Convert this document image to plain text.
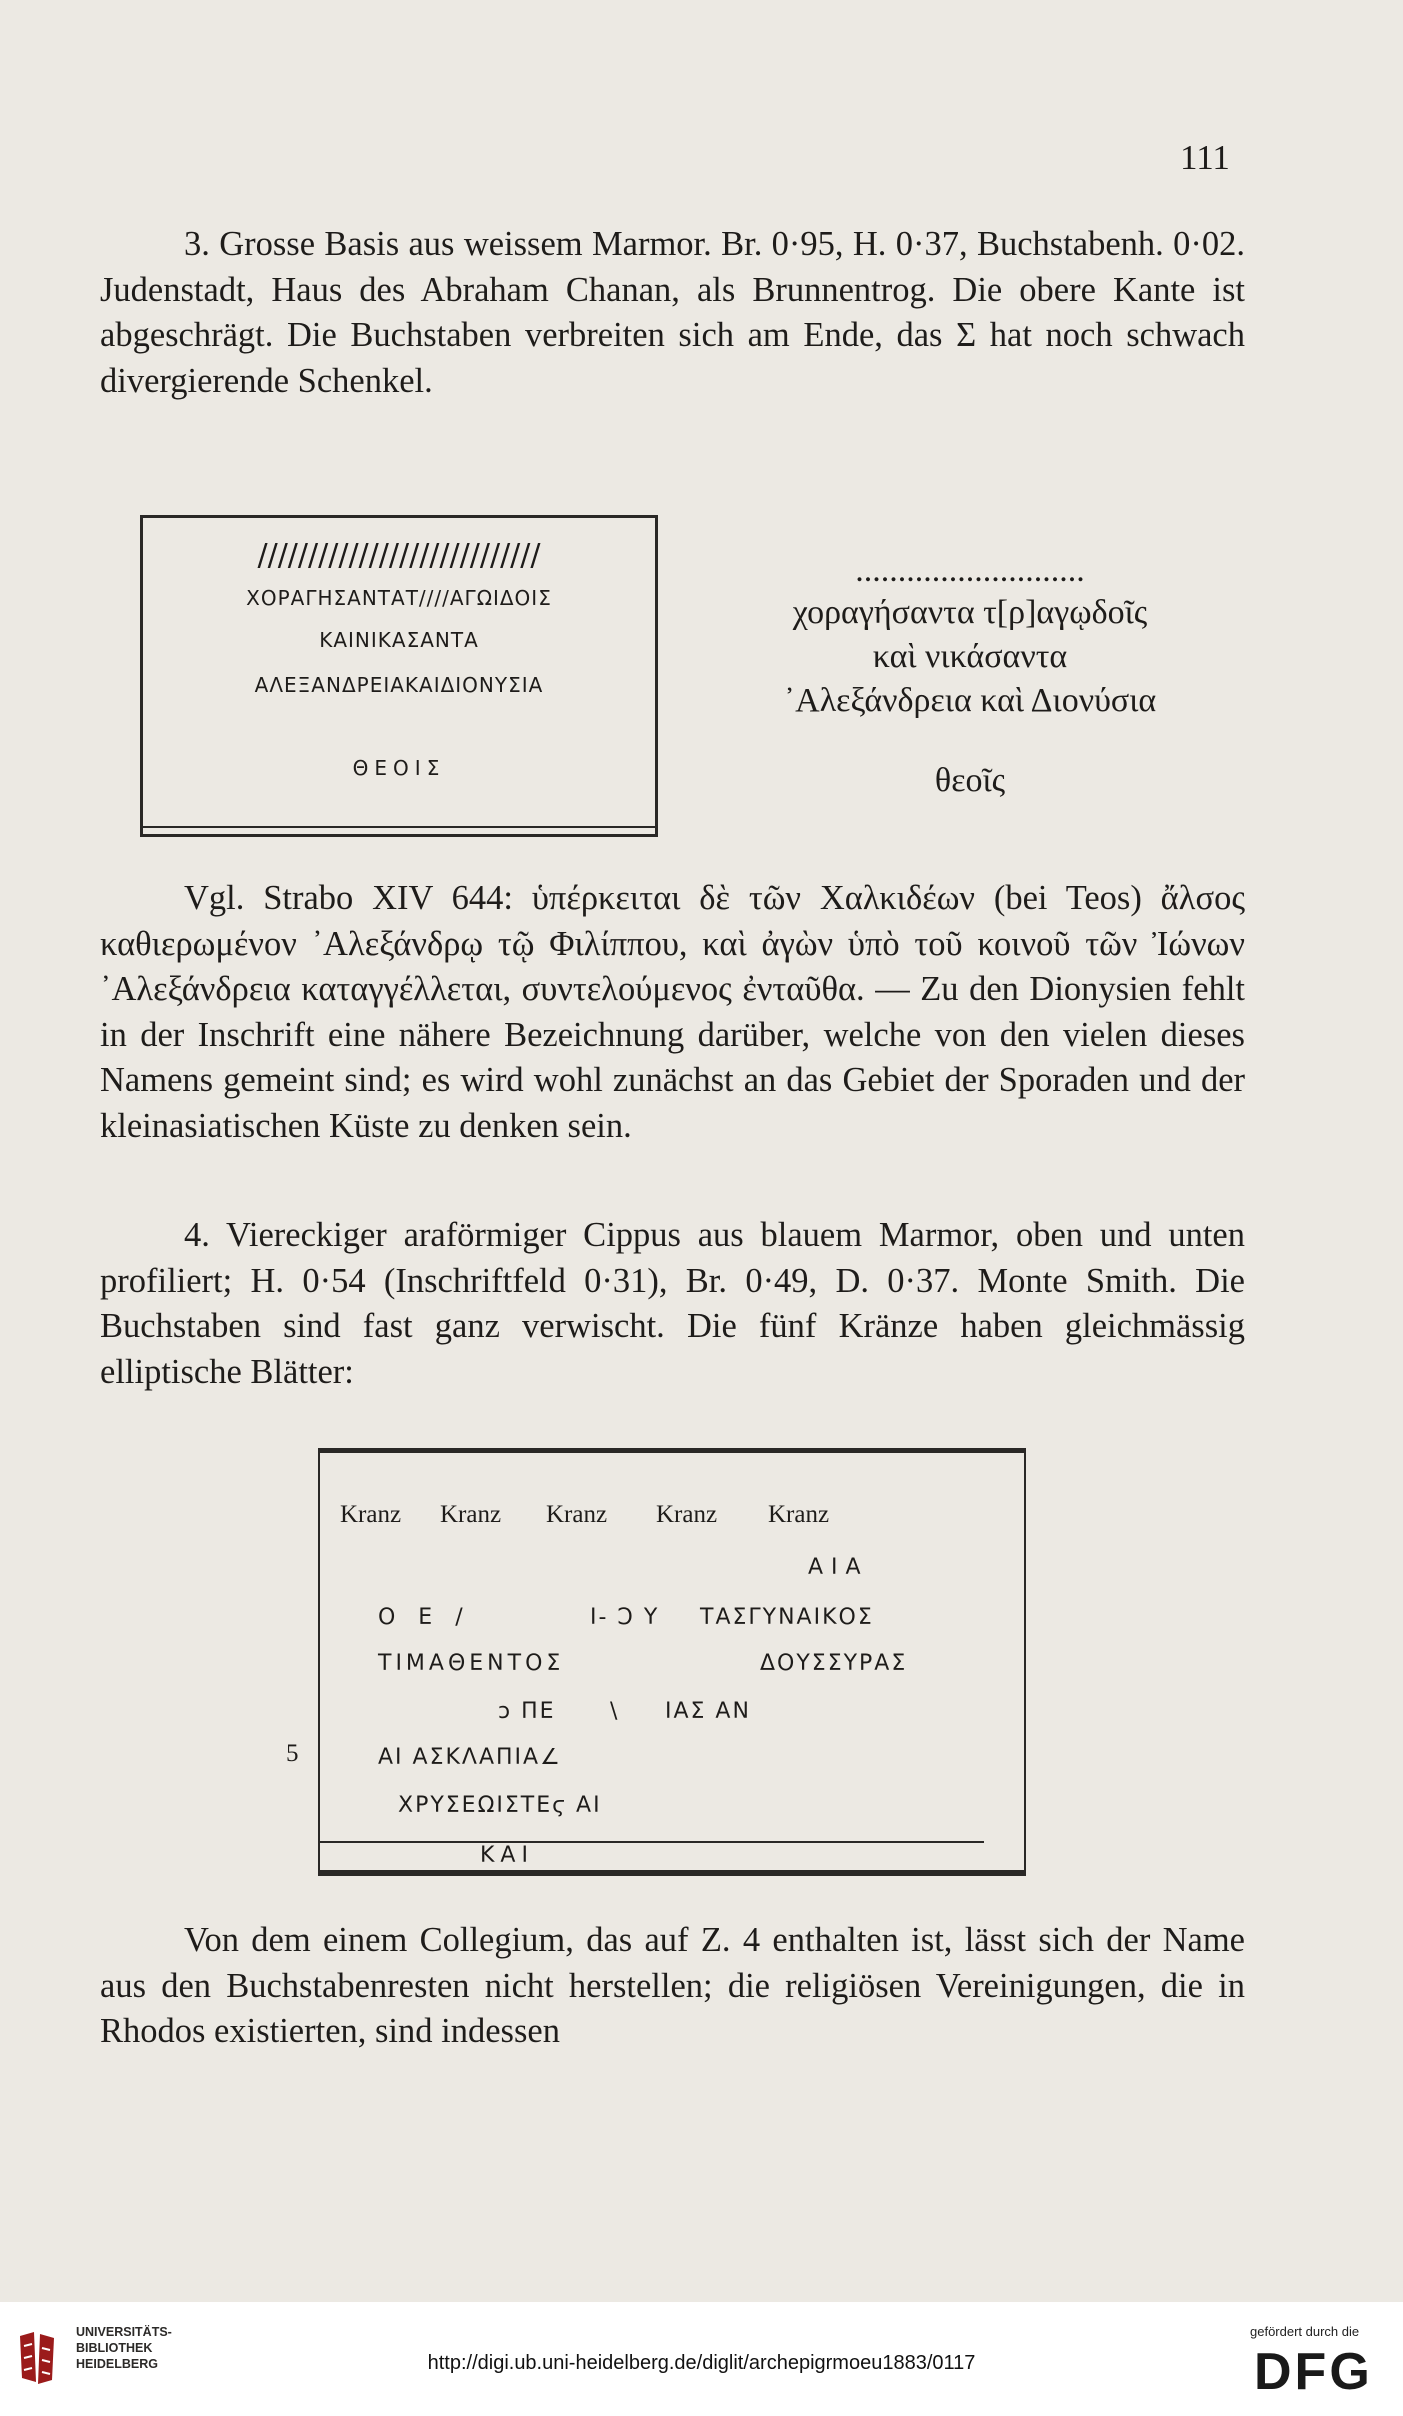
111
3. Grosse Basis aus weissem Marmor. Br. 0·95, H. 0·37, Buchstabenh. 0·02. Judenstadt, Haus des Abraham Chanan, als Brunnentrog. Die obere Kante ist abgeschrägt. Die Buchstaben verbreiten sich am Ende, das Σ hat noch schwach divergierende Schenkel.
////////////////////////////
ΧΟΡΑΓΗΣΑΝΤΑΤ////ΑΓΩΙΔΟΙΣ
ΚΑΙΝΙΚΑΣΑΝΤΑ
ΑΛΕΞΑΝΔΡΕΙΑΚΑΙΔΙΟΝΥΣΙΑ
ΘΕΟΙΣ
...........................
χοραγήσαντα τ[ρ]αγῳδοῖς
καὶ νικάσαντα
᾿Αλεξάνδρεια καὶ Διονύσια
θεοῖς
Vgl. Strabo XIV 644: ὑπέρκειται δὲ τῶν Χαλκιδέων (bei Teos) ἄλσος καθιερωμένον ᾿Αλεξάνδρῳ τῷ Φιλίππου, καὶ ἀγὼν ὑπὸ τοῦ κοινοῦ τῶν Ἰώνων ᾿Αλεξάνδρεια καταγγέλλεται, συντελούμενος ἐνταῦθα. — Zu den Dionysien fehlt in der Inschrift eine nähere Bezeichnung darüber, welche von den vielen dieses Namens gemeint sind; es wird wohl zunächst an das Gebiet der Sporaden und der kleinasiatischen Küste zu denken sein.
4. Viereckiger araförmiger Cippus aus blauem Marmor, oben und unten profiliert; H. 0·54 (Inschriftfeld 0·31), Br. 0·49, D. 0·37. Monte Smith. Die Buchstaben sind fast ganz verwischt. Die fünf Kränze haben gleichmässig elliptische Blätter:
Kranz Kranz Kranz Kranz Kranz
ΑΙΑ
Ο Ε /	Ι- Ͻ Υ ΤΑΣΓΥΝΑΙΚΟΣ
ΤΙΜΑΘΕΝΤΟΣ	ΔΟΥΣΣΥΡΑΣ
ↄ ΠΕ \ ΙΑΣ ΑΝ
ΑΙ ΑΣΚΛΑΠΙΑ∠
ΧΡΥΣΕΩΙΣΤΕϛ ΑΙ
ΚΑΙ
5
Von dem einem Collegium, das auf Z. 4 enthalten ist, lässt sich der Name aus den Buchstabenresten nicht herstellen; die religiösen Vereinigungen, die in Rhodos existierten, sind indessen
UNIVERSITÄTS-
BIBLIOTHEK
HEIDELBERG	http://digi.ub.uni-heidelberg.de/diglit/archepigrmoeu1883/0117
gefördert durch die
DFG
